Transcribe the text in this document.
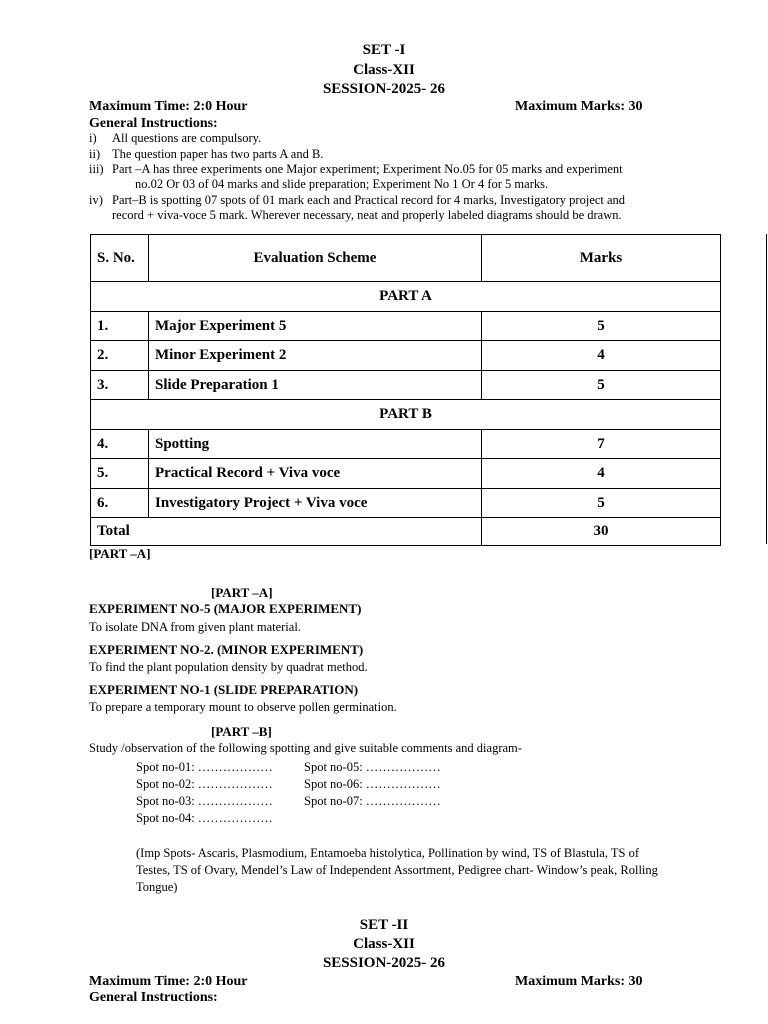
SET -I
Class-XII
SESSION-2025- 26
Maximum Time: 2:0 Hour	Maximum Marks: 30
General Instructions:
i) All questions are compulsory.
ii) The question paper has two parts A and B.
iii) Part –A has three experiments one Major experiment; Experiment No.05 for 05 marks and experiment
no.02 Or 03 of 04 marks and slide preparation; Experiment No 1 Or 4 for 5 marks.
iv) Part–B is spotting 07 spots of 01 mark each and Practical record for 4 marks, Investigatory project and
record + viva-voce 5 mark. Wherever necessary, neat and properly labeled diagrams should be drawn.
S. No.	Evaluation Scheme	Marks
PART A		
1.	Major Experiment 5	5
2.	Minor Experiment 2	4
3.	Slide Preparation 1	5
PART B		
4.	Spotting	7
5.	Practical Record + Viva voce	4
6.	Investigatory Project + Viva voce	5
Total		30
[PART –A]
[PART –A]
EXPERIMENT NO-5 (MAJOR EXPERIMENT)
To isolate DNA from given plant material.
EXPERIMENT NO-2. (MINOR EXPERIMENT)
To find the plant population density by quadrat method.
EXPERIMENT NO-1 (SLIDE PREPARATION)
To prepare a temporary mount to observe pollen germination.
[PART –B]
Study /observation of the following spotting and give suitable comments and diagram-
Spot no-01: ………………
Spot no-02: ………………
Spot no-03: ………………
Spot no-04: ………………
Spot no-05: ………………
Spot no-06: ………………
Spot no-07: ………………
(Imp Spots- Ascaris, Plasmodium, Entamoeba histolytica, Pollination by wind, TS of Blastula, TS of
Testes, TS of Ovary, Mendel’s Law of Independent Assortment, Pedigree chart- Window’s peak, Rolling
Tongue)
SET -II
Class-XII
SESSION-2025- 26
Maximum Time: 2:0 Hour	Maximum Marks: 30
General Instructions:
